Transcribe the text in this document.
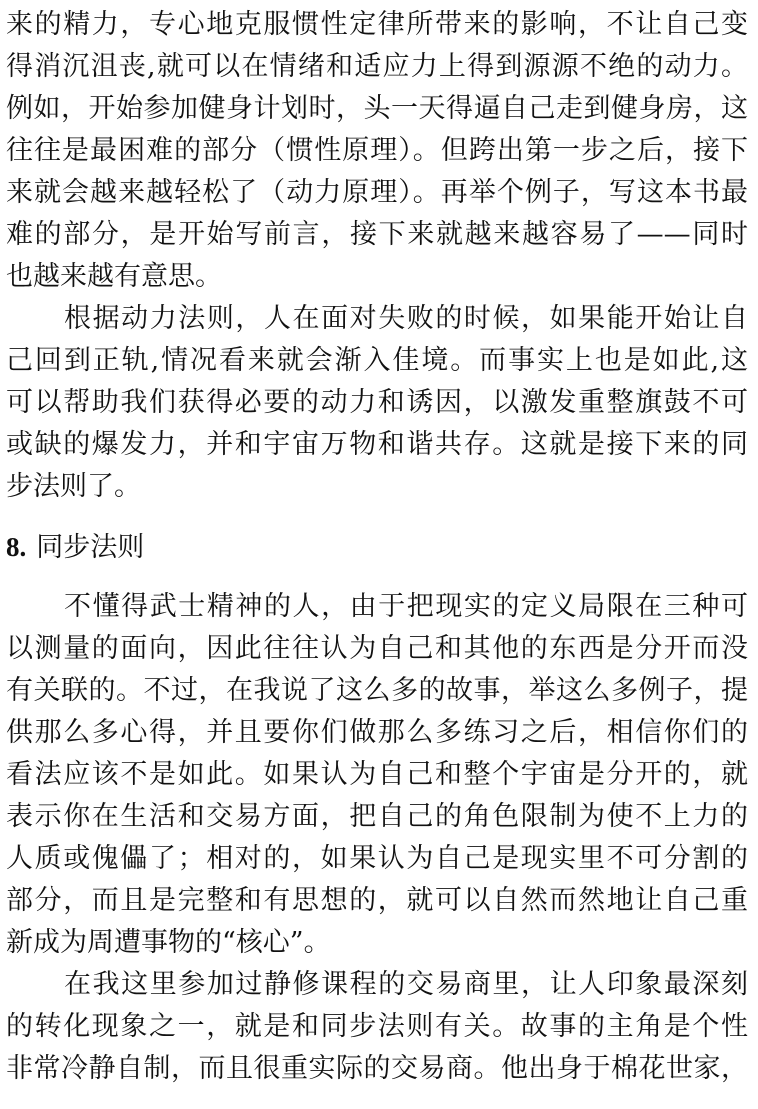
来的精力，专心地克服惯性定律所带来的影响，不让自己变
得消沉沮丧,就可以在情绪和适应力上得到源源不绝的动力。
例如，开始参加健身计划时，头一天得逼自己走到健身房，这
往往是最困难的部分（惯性原理）。但跨出第一步之后，接下
来就会越来越轻松了（动力原理）。再举个例子，写这本书最
难的部分，是开始写前言，接下来就越来越容易了——同时
也越来越有意思。
根据动力法则，人在面对失败的时候，如果能开始让自
己回到正轨,情况看来就会渐入佳境。而事实上也是如此,这
可以帮助我们获得必要的动力和诱因，以激发重整旗鼓不可
或缺的爆发力，并和宇宙万物和谐共存。这就是接下来的同
步法则了。
8. 同步法则
不懂得武士精神的人，由于把现实的定义局限在三种可
以测量的面向，因此往往认为自己和其他的东西是分开而没
有关联的。不过，在我说了这么多的故事，举这么多例子，提
供那么多心得，并且要你们做那么多练习之后，相信你们的
看法应该不是如此。如果认为自己和整个宇宙是分开的，就
表示你在生活和交易方面，把自己的角色限制为使不上力的
人质或傀儡了；相对的，如果认为自己是现实里不可分割的
部分，而且是完整和有思想的，就可以自然而然地让自己重
新成为周遭事物的“核心”。
在我这里参加过静修课程的交易商里，让人印象最深刻
的转化现象之一，就是和同步法则有关。故事的主角是个性
非常冷静自制，而且很重实际的交易商。他出身于棉花世家，
